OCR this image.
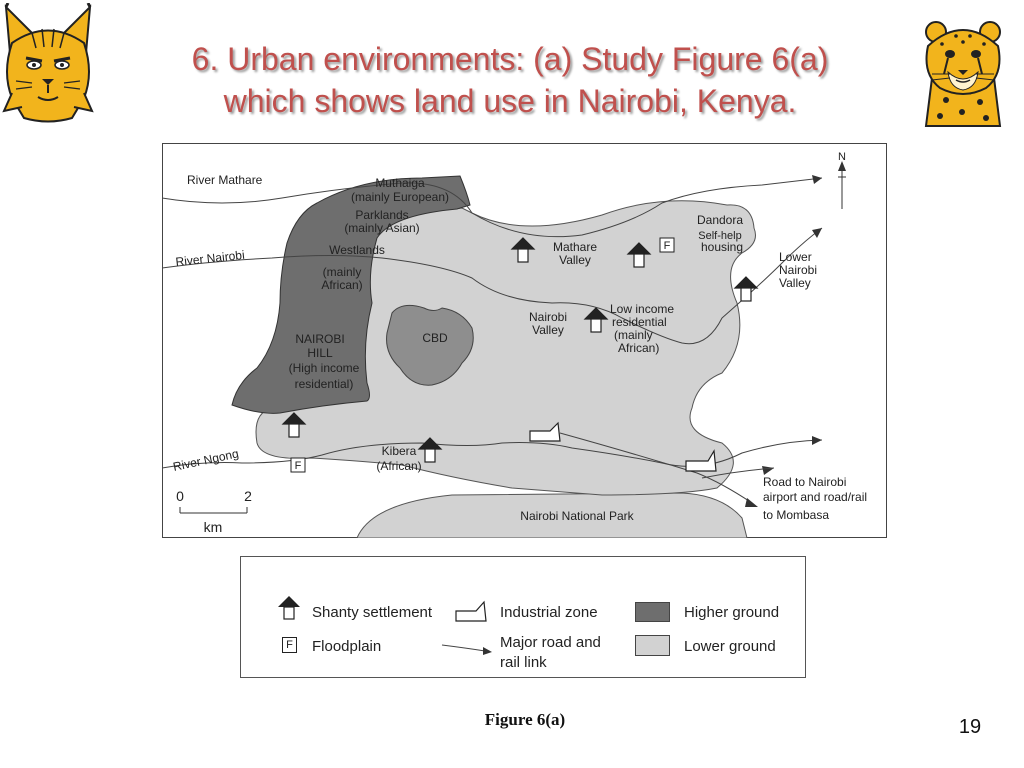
6. Urban environments: (a) Study Figure 6(a) which shows land use in Nairobi, Kenya.
N
F
F
River Mathare
River Nairobi
River Ngong
Muthaiga
(mainly European)
Parklands
(mainly Asian)
Westlands
(mainly
African)
NAIROBI
HILL
(High income
residential)
CBD
Mathare
Valley
Dandora
Self-help
housing
Nairobi
Valley
Kibera
(African)
Nairobi National Park
Low income
residential
(mainly
African)
Lower
Nairobi
Valley
Road to Nairobi
airport and road/rail
to Mombasa
0	2
km
Shanty settlement	Industrial zone	Higher ground
F Floodplain	Major road and
rail link
Lower ground
Figure 6(a)	19
